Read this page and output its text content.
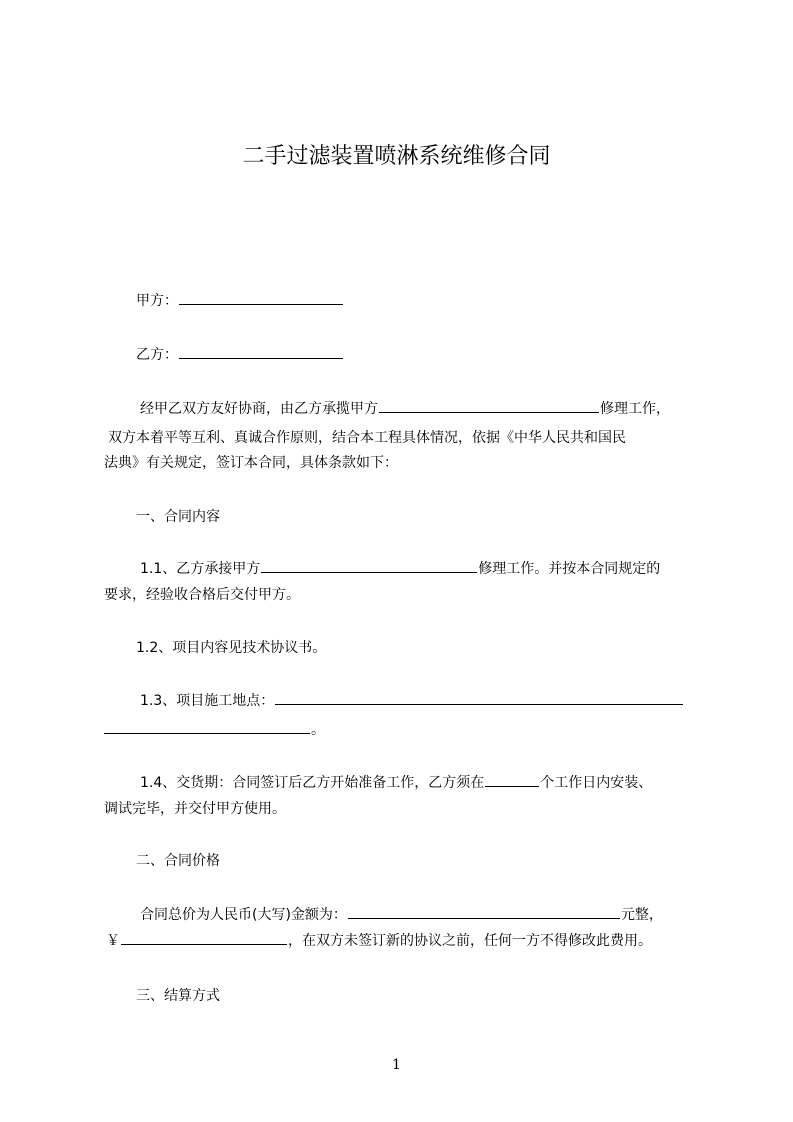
二手过滤装置喷淋系统维修合同
甲方：
乙方：
经甲乙双方友好协商，由乙方承揽甲方	修理工作，
双方本着平等互利、真诚合作原则，结合本工程具体情况，依据《中华人民共和国民
法典》有关规定，签订本合同，具体条款如下：
一、合同内容
1.1、乙方承接甲方	修理工作。并按本合同规定的
要求，经验收合格后交付甲方。
1.2、项目内容见技术协议书。
1.3、项目施工地点：
。
1.4、交货期：合同签订后乙方开始准备工作，乙方须在	个工作日内安装、
调试完毕，并交付甲方使用。
二、合同价格
合同总价为人民币(大写)金额为：	元整，
￥	，在双方未签订新的协议之前，任何一方不得修改此费用。
三、结算方式
1
